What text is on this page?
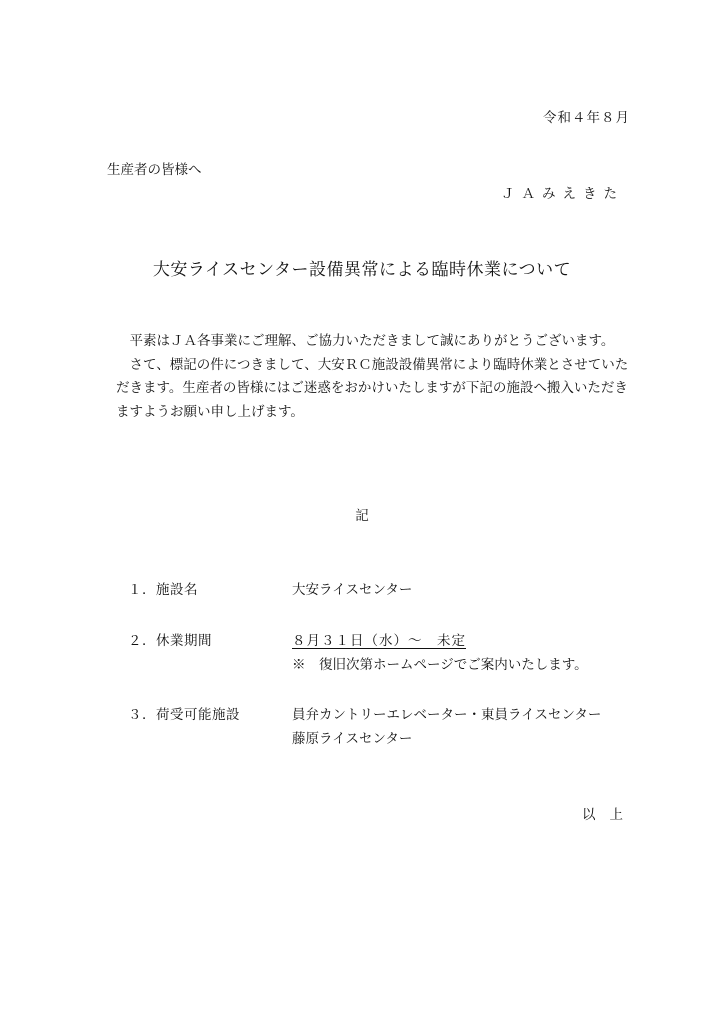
令和４年８月
生産者の皆様へ
ＪＡみえきた
大安ライスセンター設備異常による臨時休業について

平素はＪＡ各事業にご理解、ご協力いただきまして誠にありがとうございます。

さて、標記の件につきまして、大安ＲＣ施設設備異常により臨時休業とさせていただきます。生産者の皆様にはご迷惑をおかけいたしますが下記の施設へ搬入いただきますようお願い申し上げます。

記
１．施設名	大安ライスセンター
２．休業期間	８月３１日（水）～　未定
※　復旧次第ホームページでご案内いたします。
３．荷受可能施設	員弁カントリーエレベーター・東員ライスセンター
藤原ライスセンター
以上
